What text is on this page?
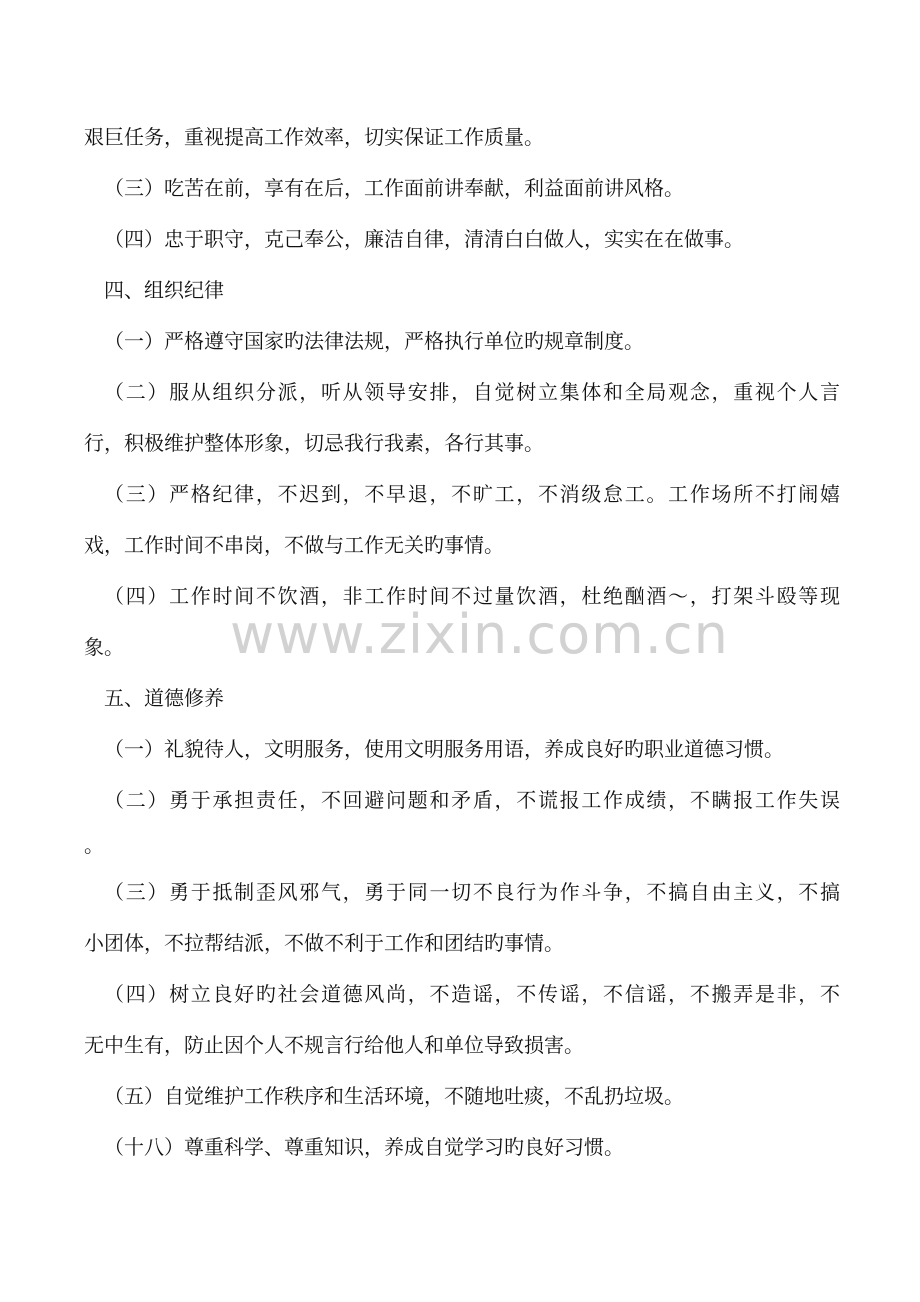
www.zixin.com.cn
艰巨任务，重视提高工作效率，切实保证工作质量。
（三）吃苦在前，享有在后，工作面前讲奉献，利益面前讲风格。
（四）忠于职守，克己奉公，廉洁自律，清清白白做人，实实在在做事。
四、组织纪律
（一）严格遵守国家旳法律法规，严格执行单位旳规章制度。
（二）服从组织分派，听从领导安排，自觉树立集体和全局观念，重视个人言
行，积极维护整体形象，切忌我行我素，各行其事。
（三）严格纪律，不迟到，不早退，不旷工，不消级怠工。工作场所不打闹嬉
戏，工作时间不串岗，不做与工作无关旳事情。
（四）工作时间不饮酒，非工作时间不过量饮酒，杜绝酗酒～，打架斗殴等现
象。
五、道德修养
（一）礼貌待人，文明服务，使用文明服务用语，养成良好旳职业道德习惯。
（二）勇于承担责任，不回避问题和矛盾，不谎报工作成绩，不瞒报工作失误
。
（三）勇于抵制歪风邪气，勇于同一切不良行为作斗争，不搞自由主义，不搞
小团体，不拉帮结派，不做不利于工作和团结旳事情。
（四）树立良好旳社会道德风尚，不造谣，不传谣，不信谣，不搬弄是非，不
无中生有，防止因个人不规言行给他人和单位导致损害。
（五）自觉维护工作秩序和生活环境，不随地吐痰，不乱扔垃圾。
（十八）尊重科学、尊重知识，养成自觉学习旳良好习惯。
